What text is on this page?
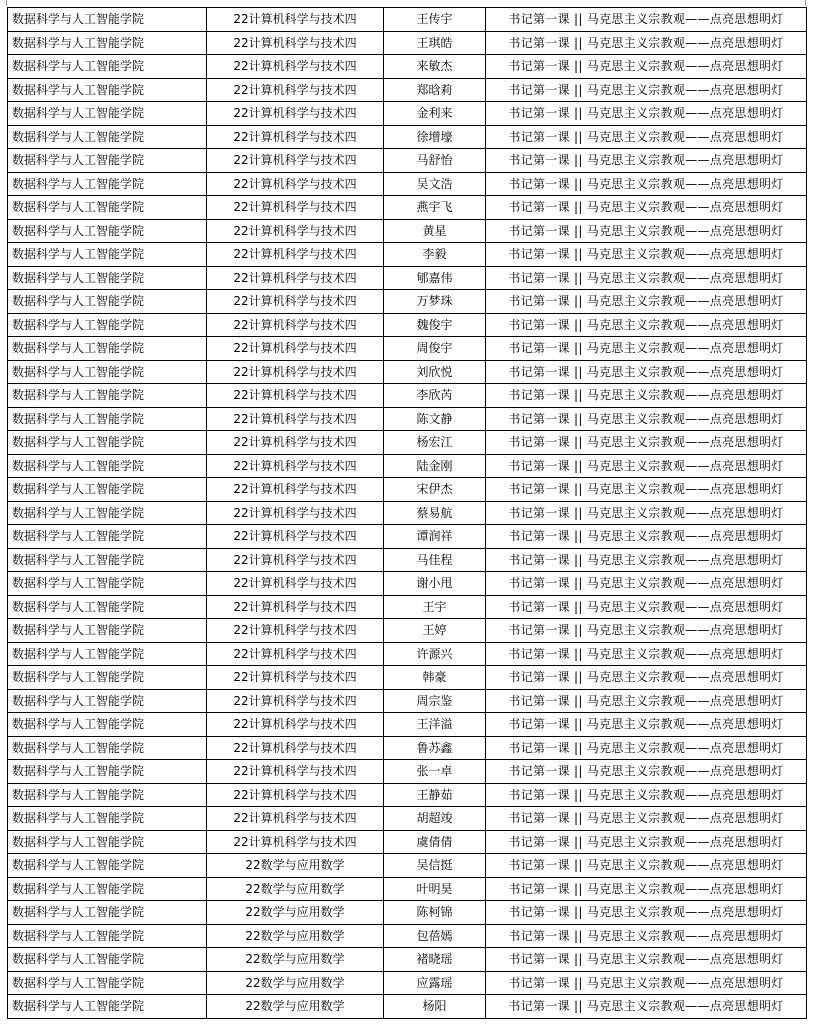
数据科学与人工智能学院	22计算机科学与技术四	王传宇	书记第一课 || 马克思主义宗教观——点亮思想明灯
数据科学与人工智能学院	22计算机科学与技术四	王琪皓	书记第一课 || 马克思主义宗教观——点亮思想明灯
数据科学与人工智能学院	22计算机科学与技术四	来敏杰	书记第一课 || 马克思主义宗教观——点亮思想明灯
数据科学与人工智能学院	22计算机科学与技术四	郑晗莉	书记第一课 || 马克思主义宗教观——点亮思想明灯
数据科学与人工智能学院	22计算机科学与技术四	金利来	书记第一课 || 马克思主义宗教观——点亮思想明灯
数据科学与人工智能学院	22计算机科学与技术四	徐增壕	书记第一课 || 马克思主义宗教观——点亮思想明灯
数据科学与人工智能学院	22计算机科学与技术四	马舒怡	书记第一课 || 马克思主义宗教观——点亮思想明灯
数据科学与人工智能学院	22计算机科学与技术四	吴文浩	书记第一课 || 马克思主义宗教观——点亮思想明灯
数据科学与人工智能学院	22计算机科学与技术四	燕宇飞	书记第一课 || 马克思主义宗教观——点亮思想明灯
数据科学与人工智能学院	22计算机科学与技术四	黄星	书记第一课 || 马克思主义宗教观——点亮思想明灯
数据科学与人工智能学院	22计算机科学与技术四	李毅	书记第一课 || 马克思主义宗教观——点亮思想明灯
数据科学与人工智能学院	22计算机科学与技术四	郇嘉伟	书记第一课 || 马克思主义宗教观——点亮思想明灯
数据科学与人工智能学院	22计算机科学与技术四	万梦珠	书记第一课 || 马克思主义宗教观——点亮思想明灯
数据科学与人工智能学院	22计算机科学与技术四	魏俊宇	书记第一课 || 马克思主义宗教观——点亮思想明灯
数据科学与人工智能学院	22计算机科学与技术四	周俊宇	书记第一课 || 马克思主义宗教观——点亮思想明灯
数据科学与人工智能学院	22计算机科学与技术四	刘欣悦	书记第一课 || 马克思主义宗教观——点亮思想明灯
数据科学与人工智能学院	22计算机科学与技术四	李欣芮	书记第一课 || 马克思主义宗教观——点亮思想明灯
数据科学与人工智能学院	22计算机科学与技术四	陈文静	书记第一课 || 马克思主义宗教观——点亮思想明灯
数据科学与人工智能学院	22计算机科学与技术四	杨宏江	书记第一课 || 马克思主义宗教观——点亮思想明灯
数据科学与人工智能学院	22计算机科学与技术四	陆金刚	书记第一课 || 马克思主义宗教观——点亮思想明灯
数据科学与人工智能学院	22计算机科学与技术四	宋伊杰	书记第一课 || 马克思主义宗教观——点亮思想明灯
数据科学与人工智能学院	22计算机科学与技术四	蔡易航	书记第一课 || 马克思主义宗教观——点亮思想明灯
数据科学与人工智能学院	22计算机科学与技术四	谭润祥	书记第一课 || 马克思主义宗教观——点亮思想明灯
数据科学与人工智能学院	22计算机科学与技术四	马佳程	书记第一课 || 马克思主义宗教观——点亮思想明灯
数据科学与人工智能学院	22计算机科学与技术四	谢小甩	书记第一课 || 马克思主义宗教观——点亮思想明灯
数据科学与人工智能学院	22计算机科学与技术四	王宇	书记第一课 || 马克思主义宗教观——点亮思想明灯
数据科学与人工智能学院	22计算机科学与技术四	王婷	书记第一课 || 马克思主义宗教观——点亮思想明灯
数据科学与人工智能学院	22计算机科学与技术四	许源兴	书记第一课 || 马克思主义宗教观——点亮思想明灯
数据科学与人工智能学院	22计算机科学与技术四	韩豪	书记第一课 || 马克思主义宗教观——点亮思想明灯
数据科学与人工智能学院	22计算机科学与技术四	周宗鉴	书记第一课 || 马克思主义宗教观——点亮思想明灯
数据科学与人工智能学院	22计算机科学与技术四	王洋溢	书记第一课 || 马克思主义宗教观——点亮思想明灯
数据科学与人工智能学院	22计算机科学与技术四	鲁苏鑫	书记第一课 || 马克思主义宗教观——点亮思想明灯
数据科学与人工智能学院	22计算机科学与技术四	张一卓	书记第一课 || 马克思主义宗教观——点亮思想明灯
数据科学与人工智能学院	22计算机科学与技术四	王静茹	书记第一课 || 马克思主义宗教观——点亮思想明灯
数据科学与人工智能学院	22计算机科学与技术四	胡超竣	书记第一课 || 马克思主义宗教观——点亮思想明灯
数据科学与人工智能学院	22计算机科学与技术四	虞倩倩	书记第一课 || 马克思主义宗教观——点亮思想明灯
数据科学与人工智能学院	22数学与应用数学	吴信挺	书记第一课 || 马克思主义宗教观——点亮思想明灯
数据科学与人工智能学院	22数学与应用数学	叶明昊	书记第一课 || 马克思主义宗教观——点亮思想明灯
数据科学与人工智能学院	22数学与应用数学	陈柯锦	书记第一课 || 马克思主义宗教观——点亮思想明灯
数据科学与人工智能学院	22数学与应用数学	包蓓嫣	书记第一课 || 马克思主义宗教观——点亮思想明灯
数据科学与人工智能学院	22数学与应用数学	褚晓瑶	书记第一课 || 马克思主义宗教观——点亮思想明灯
数据科学与人工智能学院	22数学与应用数学	应露瑶	书记第一课 || 马克思主义宗教观——点亮思想明灯
数据科学与人工智能学院	22数学与应用数学	杨阳	书记第一课 || 马克思主义宗教观——点亮思想明灯
